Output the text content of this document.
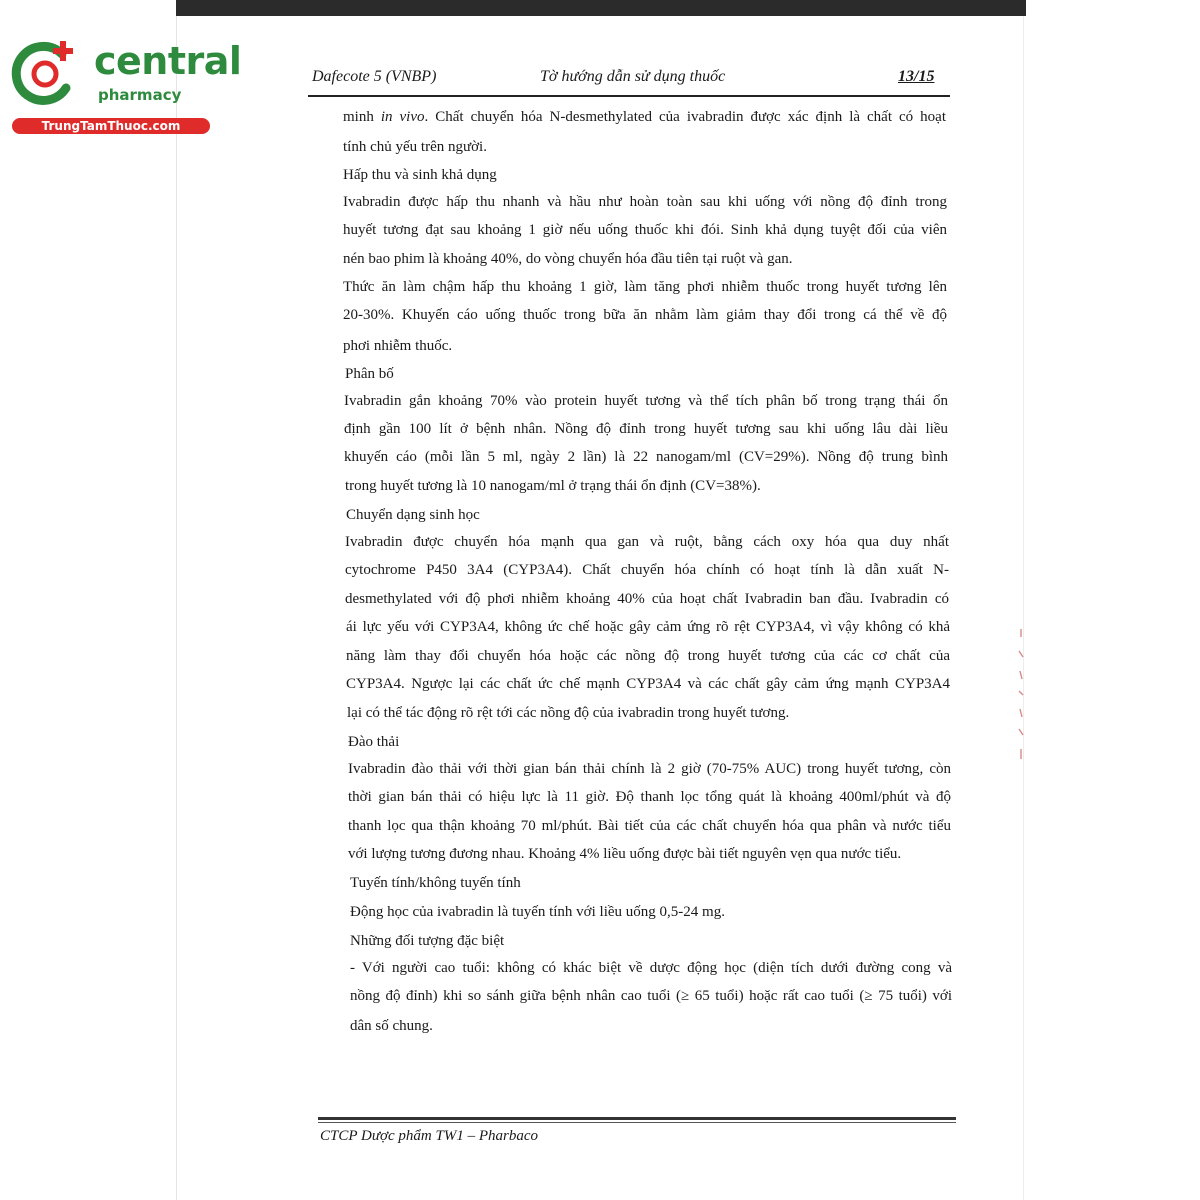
central
pharmacy
TrungTamThuoc.com
Dafecote 5 (VNBP)	Tờ hướng dẫn sử dụng thuốc	13/15
minh in vivo. Chất chuyển hóa N-desmethylated của ivabradin được xác định là chất có hoạt
tính chủ yếu trên người.
Hấp thu và sinh khả dụng
Ivabradin được hấp thu nhanh và hầu như hoàn toàn sau khi uống với nồng độ đỉnh trong
huyết tương đạt sau khoảng 1 giờ nếu uống thuốc khi đói. Sinh khả dụng tuyệt đối của viên
nén bao phim là khoảng 40%, do vòng chuyển hóa đầu tiên tại ruột và gan.
Thức ăn làm chậm hấp thu khoảng 1 giờ, làm tăng phơi nhiễm thuốc trong huyết tương lên
20-30%. Khuyến cáo uống thuốc trong bữa ăn nhằm làm giảm thay đổi trong cá thể về độ
phơi nhiễm thuốc.
Phân bố
Ivabradin gắn khoảng 70% vào protein huyết tương và thể tích phân bố trong trạng thái ổn
định gần 100 lít ở bệnh nhân. Nồng độ đỉnh trong huyết tương sau khi uống lâu dài liều
khuyến cáo (mỗi lần 5 ml, ngày 2 lần) là 22 nanogam/ml (CV=29%). Nồng độ trung bình
trong huyết tương là 10 nanogam/ml ở trạng thái ổn định (CV=38%).
Chuyển dạng sinh học
Ivabradin được chuyển hóa mạnh qua gan và ruột, bằng cách oxy hóa qua duy nhất
cytochrome P450 3A4 (CYP3A4). Chất chuyển hóa chính có hoạt tính là dẫn xuất N-
desmethylated với độ phơi nhiễm khoảng 40% của hoạt chất Ivabradin ban đầu. Ivabradin có
ái lực yếu với CYP3A4, không ức chế hoặc gây cảm ứng rõ rệt CYP3A4, vì vậy không có khả
năng làm thay đổi chuyển hóa hoặc các nồng độ trong huyết tương của các cơ chất của
CYP3A4. Ngược lại các chất ức chế mạnh CYP3A4 và các chất gây cảm ứng mạnh CYP3A4
lại có thể tác động rõ rệt tới các nồng độ của ivabradin trong huyết tương.
Đào thải
Ivabradin đào thải với thời gian bán thải chính là 2 giờ (70-75% AUC) trong huyết tương, còn
thời gian bán thải có hiệu lực là 11 giờ. Độ thanh lọc tổng quát là khoảng 400ml/phút và độ
thanh lọc qua thận khoảng 70 ml/phút. Bài tiết của các chất chuyển hóa qua phân và nước tiểu
với lượng tương đương nhau. Khoảng 4% liều uống được bài tiết nguyên vẹn qua nước tiểu.
Tuyến tính/không tuyến tính
Động học của ivabradin là tuyến tính với liều uống 0,5-24 mg.
Những đối tượng đặc biệt
- Với người cao tuổi: không có khác biệt về dược động học (diện tích dưới đường cong và
nồng độ đỉnh) khi so sánh giữa bệnh nhân cao tuổi (≥ 65 tuổi) hoặc rất cao tuổi (≥ 75 tuổi) với
dân số chung.
CTCP Dược phẩm TW1 – Pharbaco
